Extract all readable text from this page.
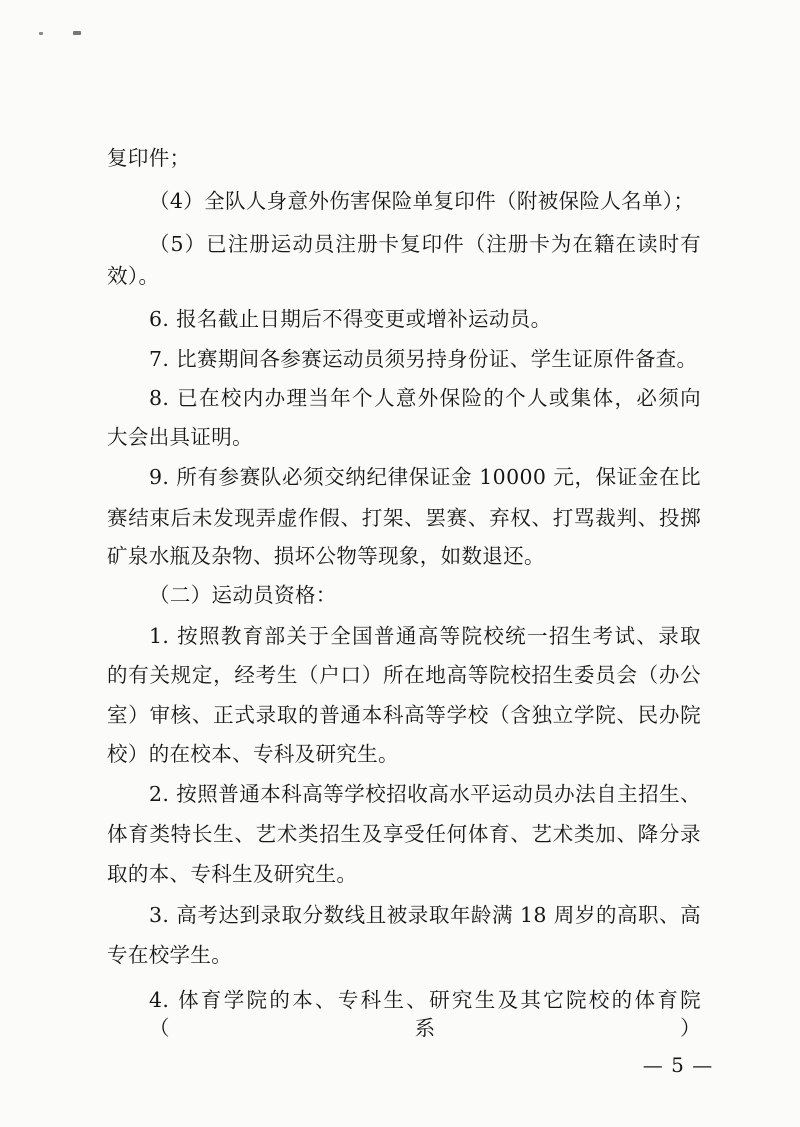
复印件；
（4）全队人身意外伤害保险单复印件（附被保险人名单）；
（5）已注册运动员注册卡复印件（注册卡为在籍在读时有
效）。
6. 报名截止日期后不得变更或增补运动员。
7. 比赛期间各参赛运动员须另持身份证、学生证原件备查。
8. 已在校内办理当年个人意外保险的个人或集体，必须向
大会出具证明。
9. 所有参赛队必须交纳纪律保证金 10000 元，保证金在比
赛结束后未发现弄虚作假、打架、罢赛、弃权、打骂裁判、投掷
矿泉水瓶及杂物、损坏公物等现象，如数退还。
（二）运动员资格：
1. 按照教育部关于全国普通高等院校统一招生考试、录取
的有关规定，经考生（户口）所在地高等院校招生委员会（办公
室）审核、正式录取的普通本科高等学校（含独立学院、民办院
校）的在校本、专科及研究生。
2. 按照普通本科高等学校招收高水平运动员办法自主招生、
体育类特长生、艺术类招生及享受任何体育、艺术类加、降分录
取的本、专科生及研究生。
3. 高考达到录取分数线且被录取年龄满 18 周岁的高职、高
专在校学生。
4. 体育学院的本、专科生、研究生及其它院校的体育院（系）
— 5 —
